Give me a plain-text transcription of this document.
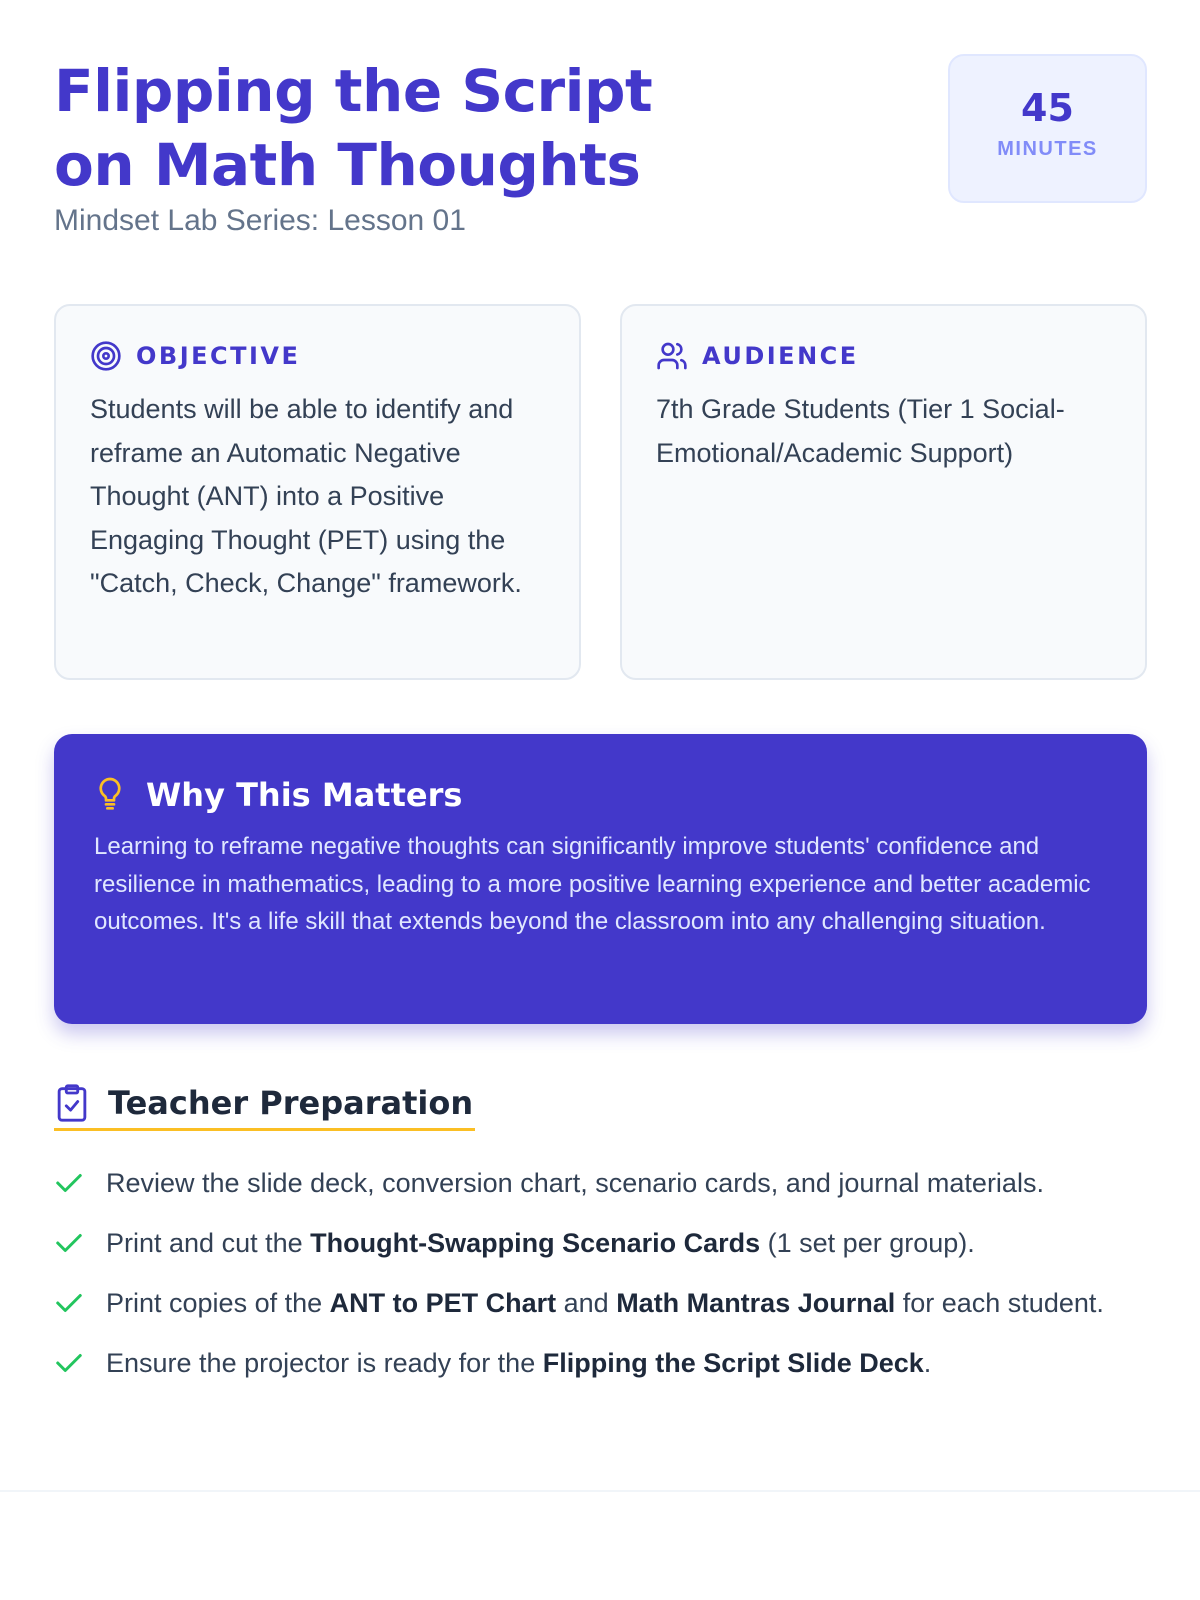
Flipping the Script
on Math Thoughts
Mindset Lab Series: Lesson 01
45
MINUTES
OBJECTIVE

Students will be able to identify and reframe an Automatic Negative Thought (ANT) into a Positive Engaging Thought (PET) using the "Catch, Check, Change" framework.

AUDIENCE

7th Grade Students (Tier 1 Social-Emotional/Academic Support)

Why This Matters

Learning to reframe negative thoughts can significantly improve students' confidence and resilience in mathematics, leading to a more positive learning experience and better academic outcomes. It's a life skill that extends beyond the classroom into any challenging situation.

Teacher Preparation
Review the slide deck, conversion chart, scenario cards, and journal materials.
Print and cut the Thought-Swapping Scenario Cards (1 set per group).
Print copies of the ANT to PET Chart and Math Mantras Journal for each student.
Ensure the projector is ready for the Flipping the Script Slide Deck.
